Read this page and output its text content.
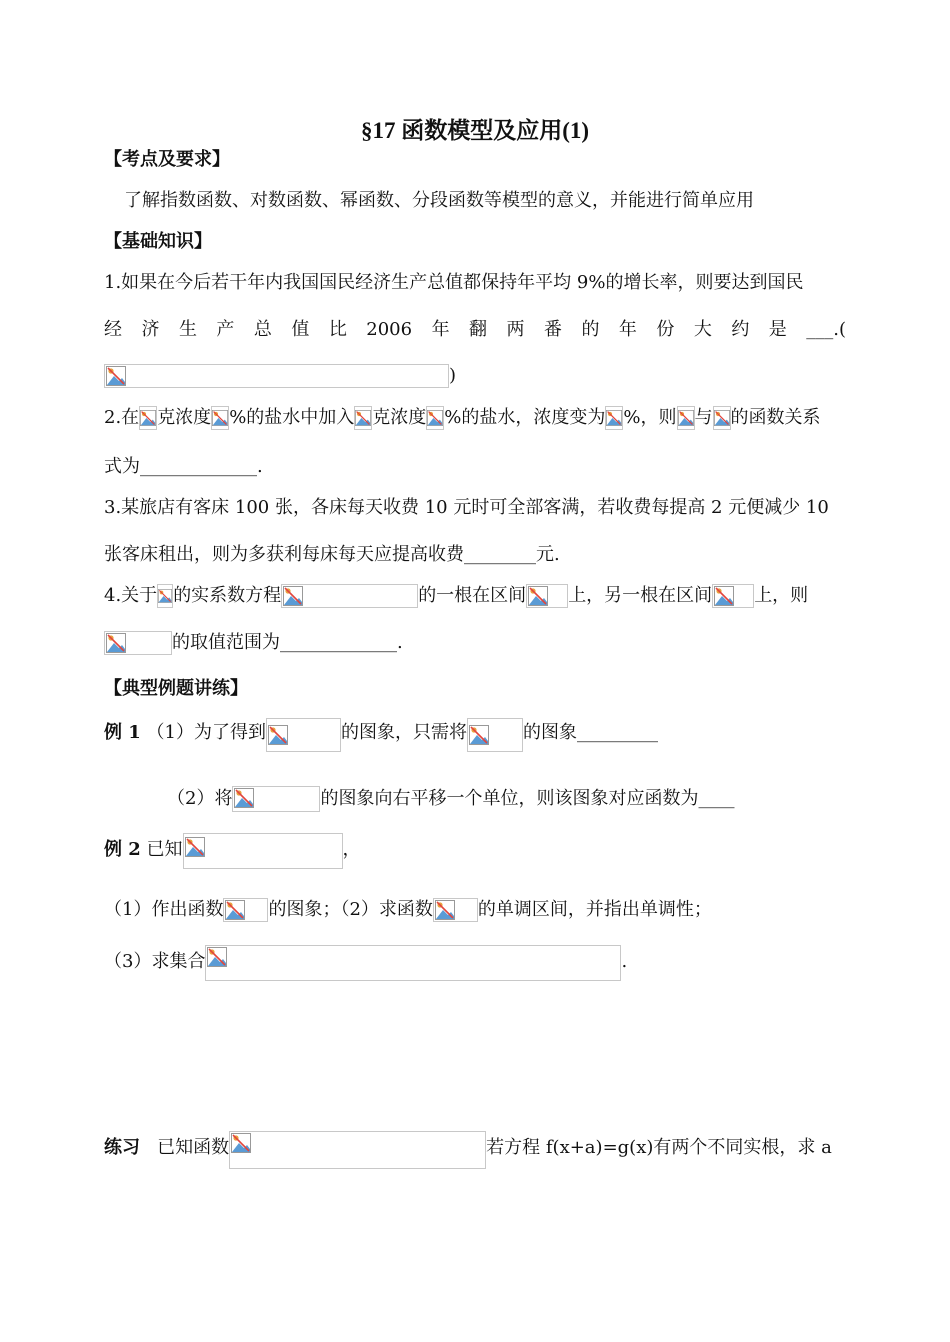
§17 函数模型及应用(1)
【考点及要求】
了解指数函数、对数函数、幂函数、分段函数等模型的意义，并能进行简单应用
【基础知识】
1.如果在今后若干年内我国国民经济生产总值都保持年平均 9%的增长率，则要达到国民
经 济 生 产 总 值 比 2006 年 翻 两 番 的 年 份 大 约 是 ___.(
)
2.在 克浓度 %的盐水中加入 克浓度 %的盐水，浓度变为 %，则 与 的函数关系
式为_____________.
3.某旅店有客床 100 张，各床每天收费 10 元时可全部客满，若收费每提高 2 元便减少 10
张客床租出，则为多获利每床每天应提高收费________元.
4.关于 的实系数方程	的一根在区间 上，另一根在区间 上，则
的取值范围为_____________.
【典型例题讲练】
例 1 （1）为了得到	的图象，只需将	的图象_________
（2）将	的图象向右平移一个单位，则该图象对应函数为____
例 2 已知	，
（1）作出函数	的图象；（2）求函数	的单调区间，并指出单调性；
（3）求集合	.
练习 已知函数	若方程 f(x+a)=g(x)有两个不同实根，求 a
